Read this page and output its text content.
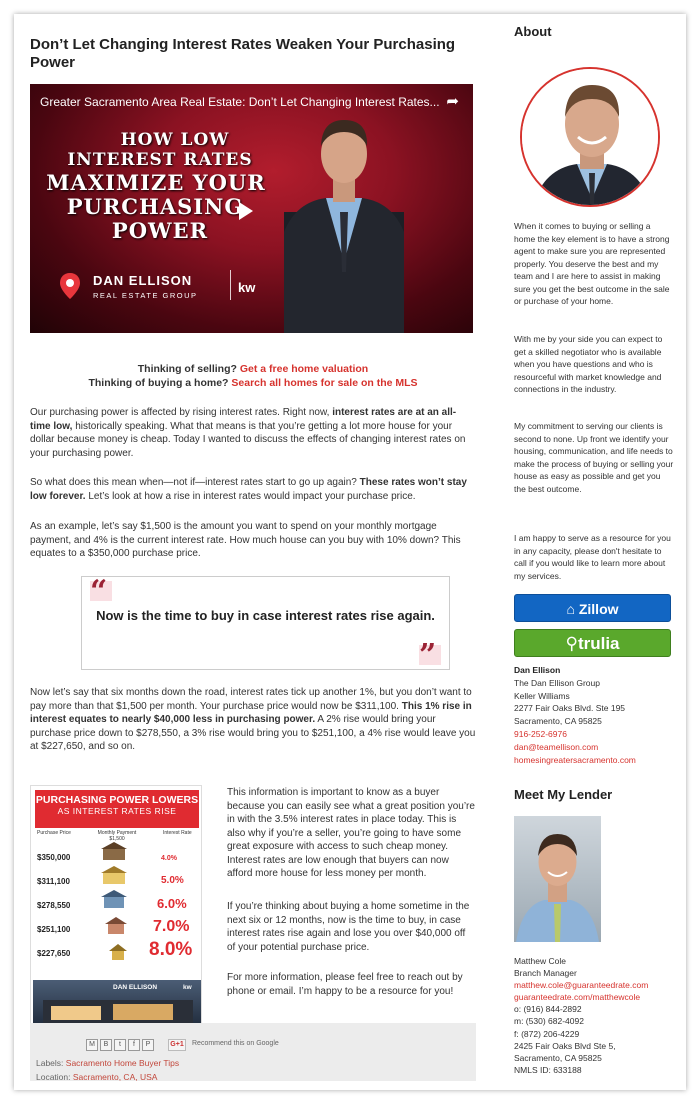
Don’t Let Changing Interest Rates Weaken Your Purchasing Power
Greater Sacramento Area Real Estate: Don’t Let Changing Interest Rates... ➦
HOW LOW
INTEREST RATES
MAXIMIZE YOUR
PURCHASING
POWER
DAN ELLISON
REAL ESTATE GROUP
kw
Thinking of selling? Get a free home valuation
Thinking of buying a home? Search all homes for sale on the MLS
Our purchasing power is affected by rising interest rates. Right now, interest rates are at an all-time low, historically speaking. What that means is that you’re getting a lot more house for your dollar because money is cheap. Today I wanted to discuss the effects of changing interest rates on your purchasing power.
So what does this mean when—not if—interest rates start to go up again? These rates won’t stay low forever. Let’s look at how a rise in interest rates would impact your purchase price.
As an example, let’s say $1,500 is the amount you want to spend on your monthly mortgage payment, and 4% is the current interest rate. How much house can you buy with 10% down? This equates to a $350,000 purchase price.
“
Now is the time to buy in case interest rates rise again.
”
Now let’s say that six months down the road, interest rates tick up another 1%, but you don’t want to pay more than that $1,500 per month. Your purchase price would now be $311,100. This 1% rise in interest equates to nearly $40,000 less in purchasing power. A 2% rise would bring your purchase price down to $278,550, a 3% rise would bring you to $251,100, a 4% rise would leave you at $227,650, and so on.
PURCHASING POWER LOWERS
AS INTEREST RATES RISE
Purchase Price	Monthly Payment $1,500
Interest Rate
$350,000	4.0%
$311,100	5.0%
$278,550	6.0%
$251,100	7.0%
$227,650	8.0%
DAN ELLISON	kw
This information is important to know as a buyer because you can easily see what a great position you’re in with the 3.5% interest rates in place today. This is also why if you’re a seller, you’re going to have some great exposure with access to such cheap money. Interest rates are low enough that buyers can now afford more house for less money per month.
If you’re thinking about buying a home sometime in the next six or 12 months, now is the time to buy, in case interest rates rise again and lose you over $40,000 off of your potential purchase price.
For more information, please feel free to reach out by phone or email. I’m happy to be a resource for you!
M	B	t	f	P	G+1	Recommend this on Google
Labels: Sacramento Home Buyer Tips
Location: Sacramento, CA, USA
About
When it comes to buying or selling a home the key element is to have a strong agent to make sure you are represented properly. You deserve the best and my team and I are here to assist in making sure you get the best outcome in the sale or purchase of your home.
With me by your side you can expect to get a skilled negotiator who is available when you have questions and who is resourceful with market knowledge and connections in the industry.
My commitment to serving our clients is second to none. Up front we identify your housing, communication, and life needs to make the process of buying or selling your house as easy as possible and get you the best outcome.
I am happy to serve as a resource for you in any capacity, please don't hesitate to call if you would like to learn more about my services.
⌂ Zillow
⚲trulia
Dan Ellison
The Dan Ellison Group
Keller Williams
2277 Fair Oaks Blvd. Ste 195
Sacramento, CA 95825
916-252-6976
dan@teamellison.com
homesingreatersacramento.com
Meet My Lender
Matthew Cole
Branch Manager
matthew.cole@guaranteedrate.com
guaranteedrate.com/matthewcole
o: (916) 844-2892
m: (530) 682-4092
f: (872) 206-4229
2425 Fair Oaks Blvd Ste 5,
Sacramento, CA 95825
NMLS ID: 633188
